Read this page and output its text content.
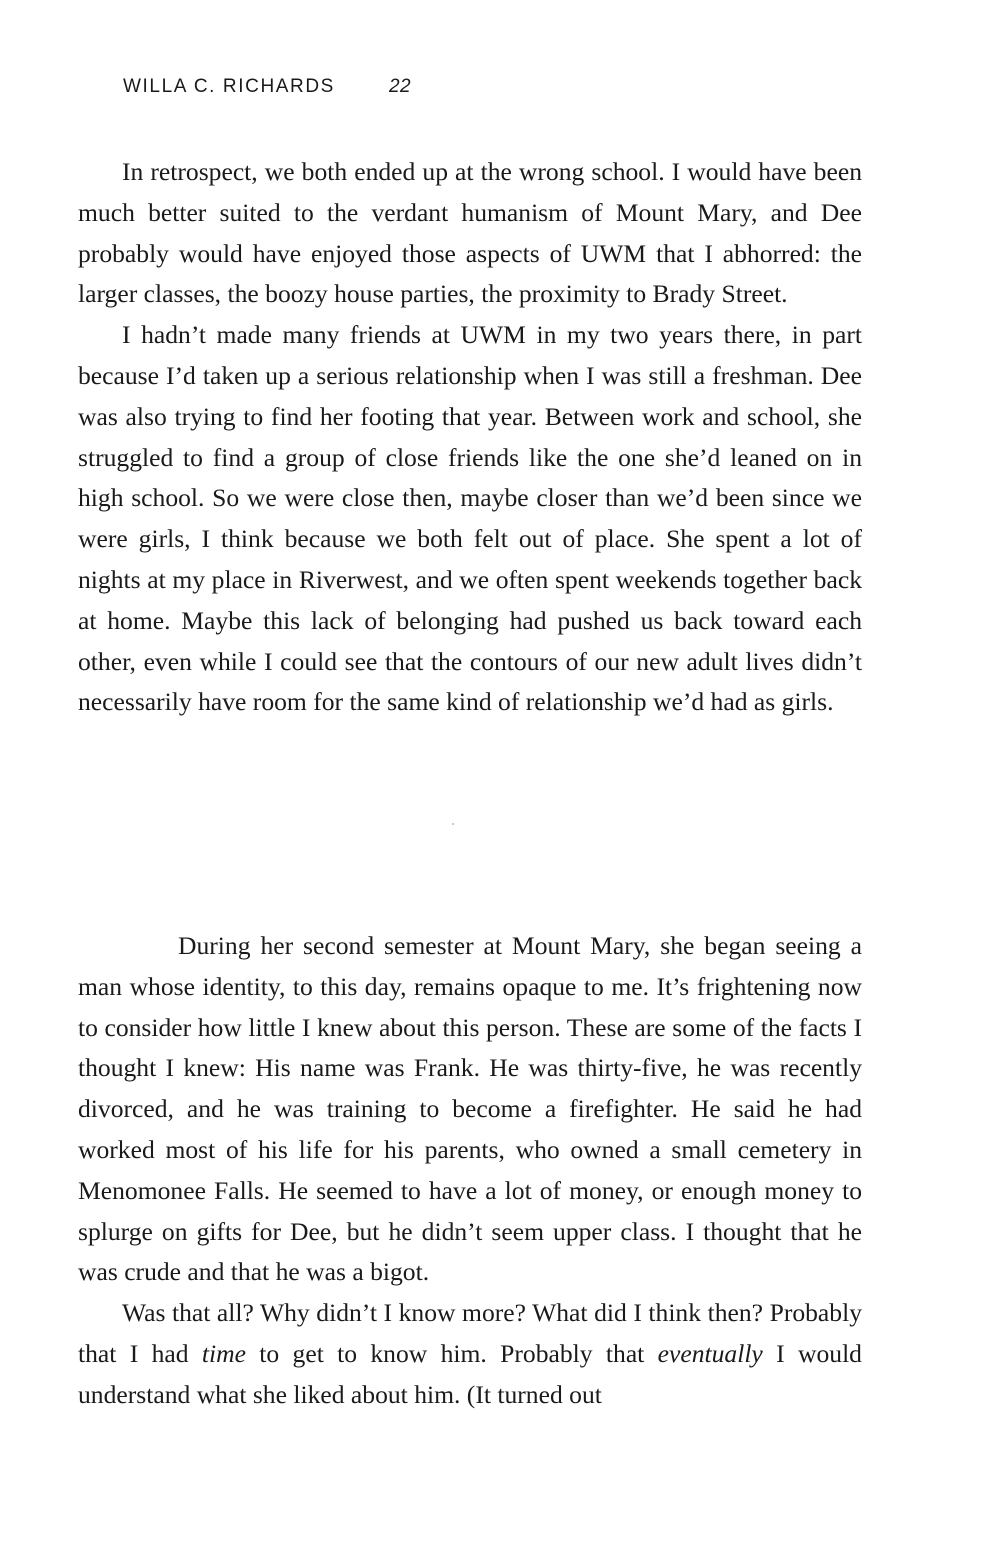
WILLA C. RICHARDS	22

In retrospect, we both ended up at the wrong school. I would have been much better suited to the verdant humanism of Mount Mary, and Dee probably would have enjoyed those aspects of UWM that I abhorred: the larger classes, the boozy house parties, the proximity to Brady Street.

I hadn’t made many friends at UWM in my two years there, in part because I’d taken up a serious relationship when I was still a freshman. Dee was also trying to find her footing that year. Between work and school, she struggled to find a group of close friends like the one she’d leaned on in high school. So we were close then, maybe closer than we’d been since we were girls, I think because we both felt out of place. She spent a lot of nights at my place in Riverwest, and we often spent weekends together back at home. Maybe this lack of belonging had pushed us back toward each other, even while I could see that the contours of our new adult lives didn’t necessarily have room for the same kind of relationship we’d had as girls.

During her second semester at Mount Mary, she began seeing a man whose identity, to this day, remains opaque to me. It’s frightening now to consider how little I knew about this person. These are some of the facts I thought I knew: His name was Frank. He was thirty-five, he was recently divorced, and he was training to become a firefighter. He said he had worked most of his life for his parents, who owned a small cemetery in Menomonee Falls. He seemed to have a lot of money, or enough money to splurge on gifts for Dee, but he didn’t seem upper class. I thought that he was crude and that he was a bigot.

Was that all? Why didn’t I know more? What did I think then? Probably that I had time to get to know him. Probably that eventually I would understand what she liked about him. (It turned out
